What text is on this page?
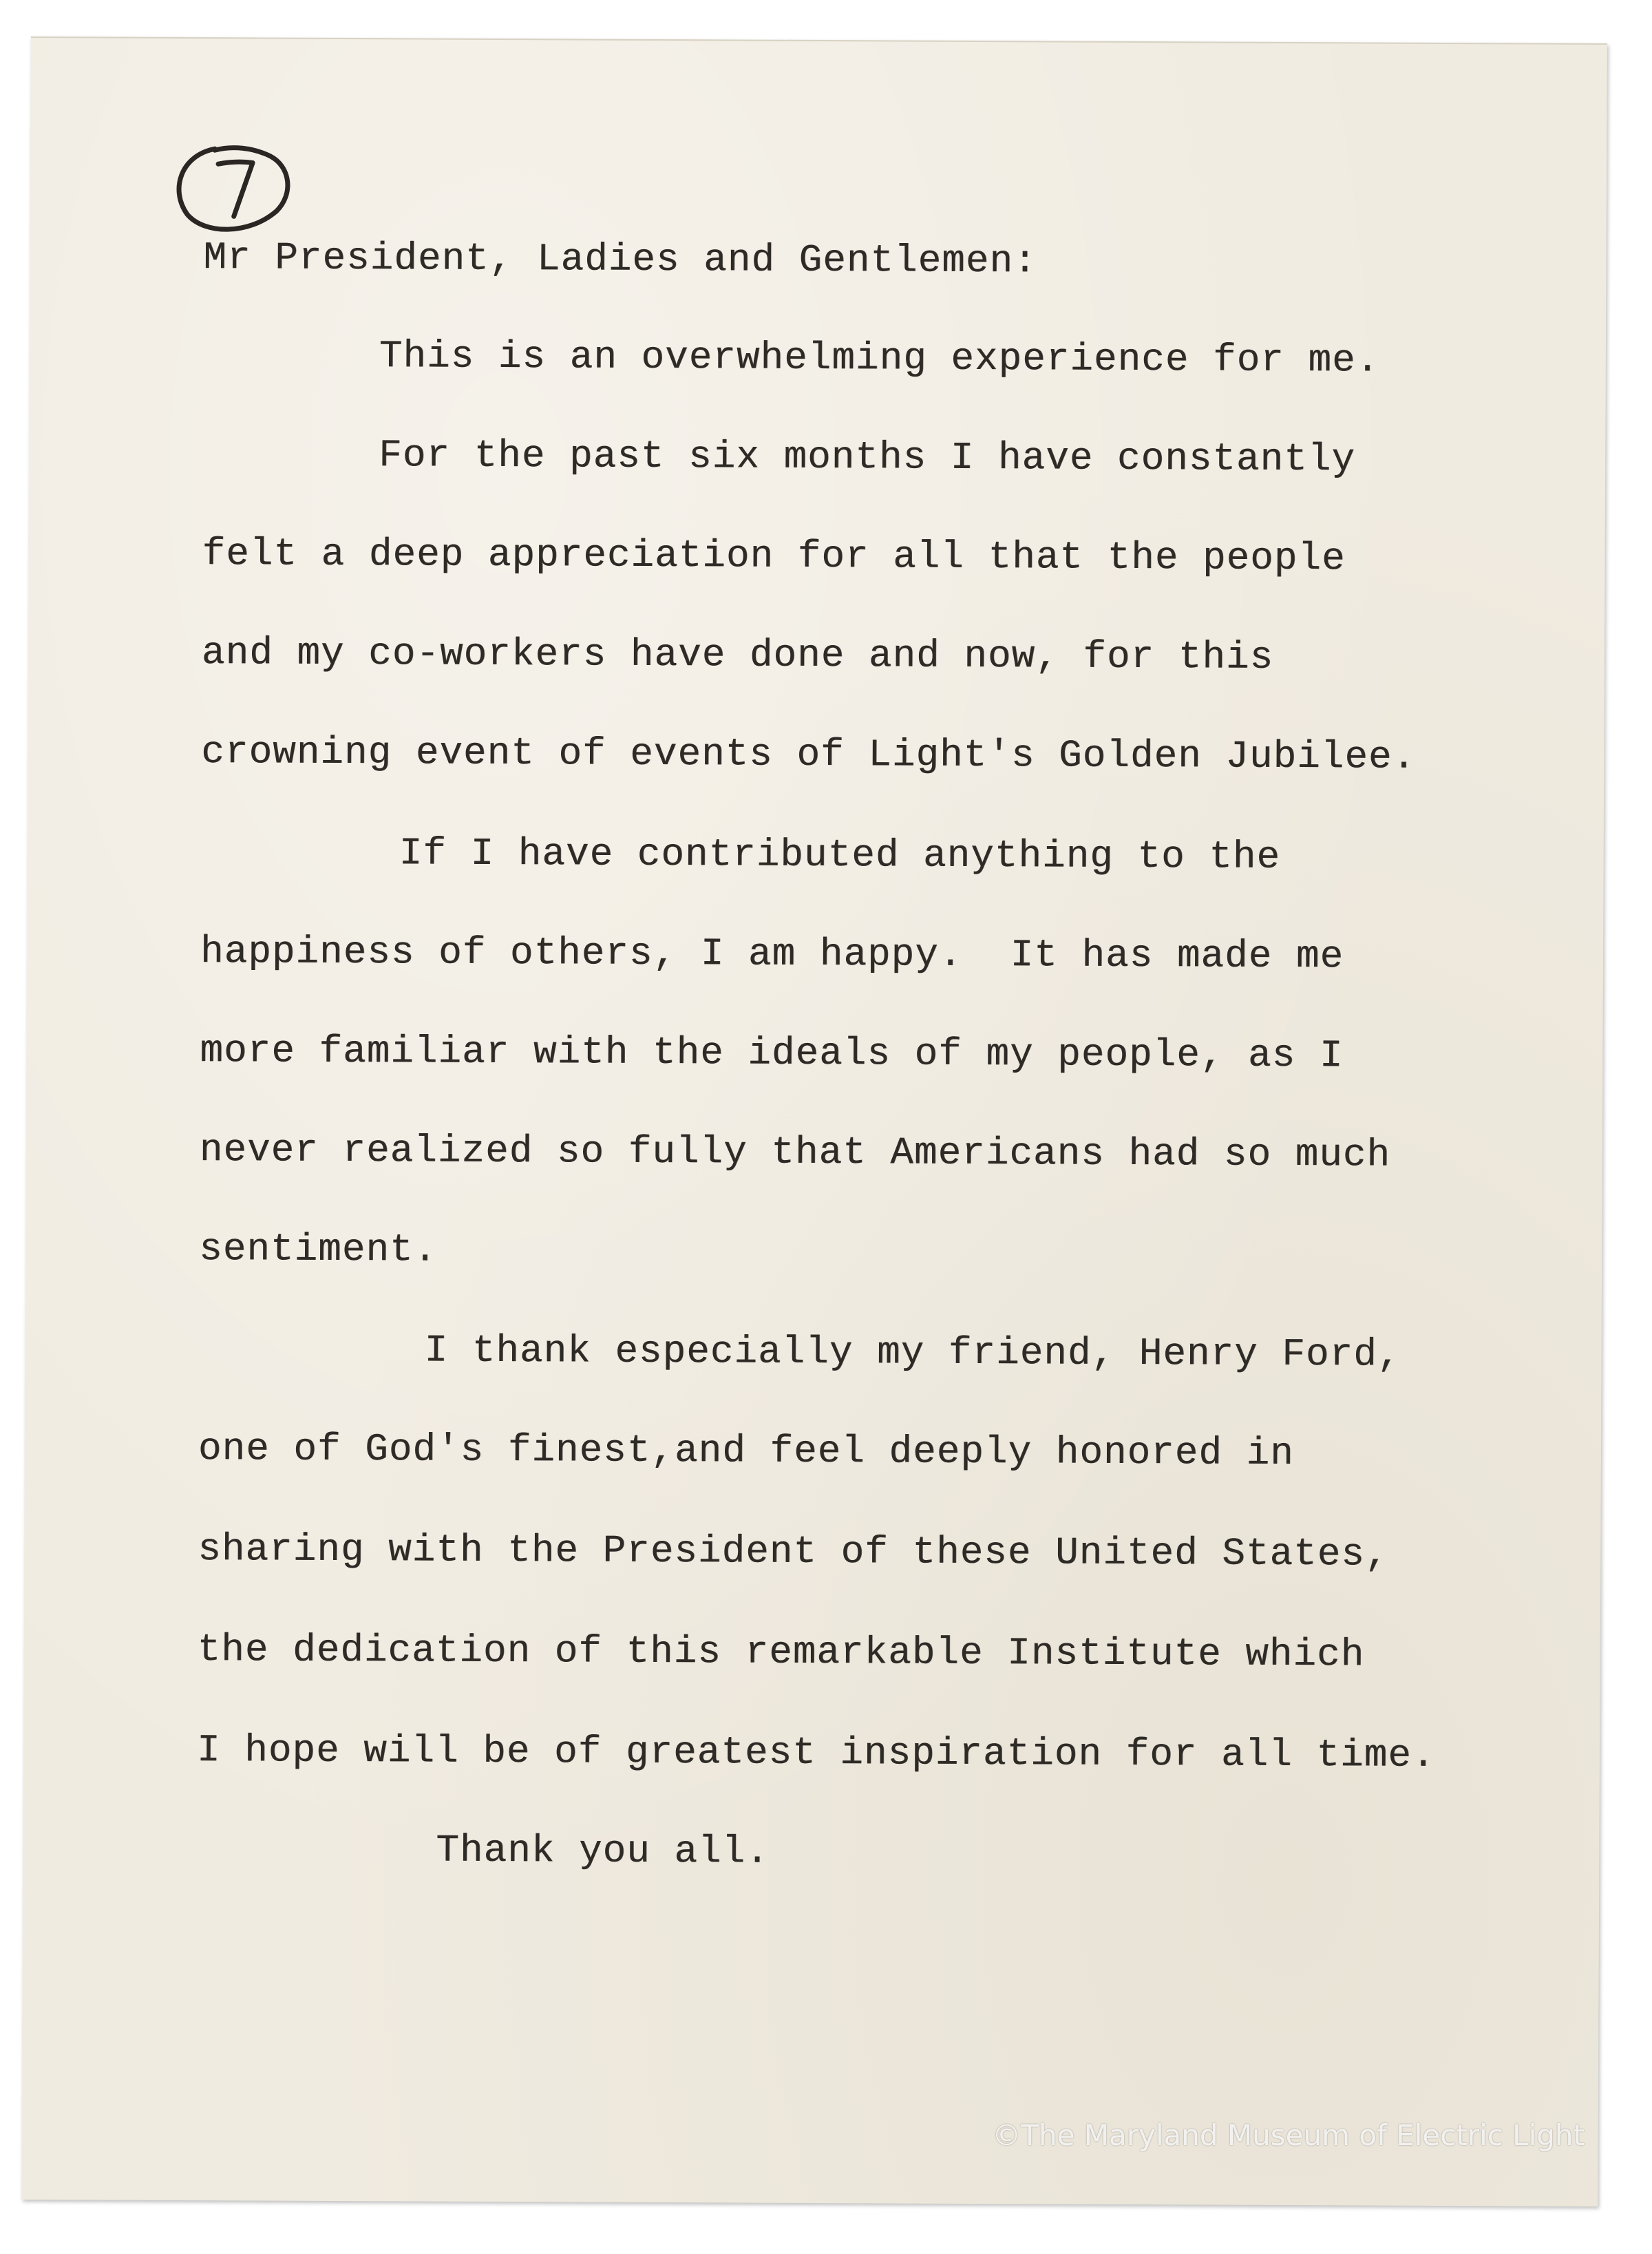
Mr President, Ladies and Gentlemen:

This is an overwhelming experience for me.

For the past six months I have constantly

felt a deep appreciation for all that the people

and my co-workers have done and now, for this

crowning event of events of Light's Golden Jubilee.

If I have contributed anything to the

happiness of others, I am happy.  It has made me

more familiar with the ideals of my people, as I

never realized so fully that Americans had so much

sentiment.

I thank especially my friend, Henry Ford,

one of God's finest,and feel deeply honored in

sharing with the President of these United States,

the dedication of this remarkable Institute which

I hope will be of greatest inspiration for all time.

Thank you all.

©The Maryland Museum of Electric Light
